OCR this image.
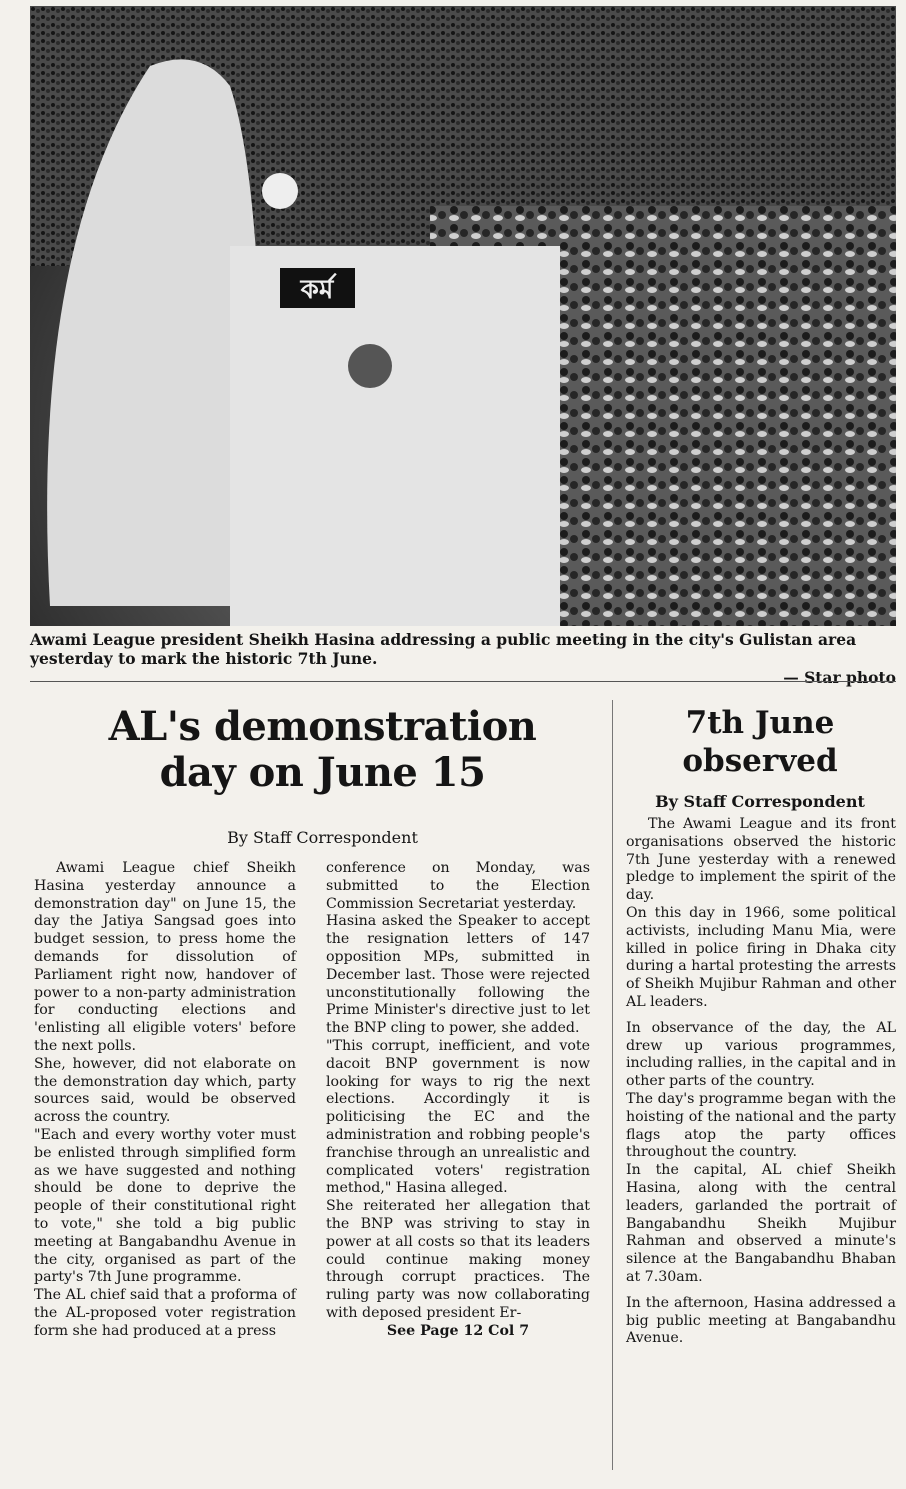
কর্ম
Awami League president Sheikh Hasina addressing a public meeting in the city's Gulistan area yesterday to mark the historic 7th June.
— Star photo
AL's demonstration
day on June 15
By Staff Correspondent

Awami League chief Sheikh Hasina yesterday announce a demonstration day" on June 15, the day the Jatiya Sangsad goes into budget session, to press home the demands for dissolution of Parliament right now, handover of power to a non-party administration for conducting elections and 'enlisting all eligible voters' before the next polls.

She, however, did not elaborate on the demonstration day which, party sources said, would be observed across the country.

"Each and every worthy voter must be enlisted through simplified form as we have suggested and nothing should be done to deprive the people of their constitutional right to vote," she told a big public meeting at Bangabandhu Avenue in the city, organised as part of the party's 7th June programme.

The AL chief said that a proforma of the AL-proposed voter registration form she had produced at a press

conference on Monday, was submitted to the Election Commission Secretariat yesterday.

Hasina asked the Speaker to accept the resignation letters of 147 opposition MPs, submitted in December last. Those were rejected unconstitutionally following the Prime Minister's directive just to let the BNP cling to power, she added.

"This corrupt, inefficient, and vote dacoit BNP government is now looking for ways to rig the next elections. Accordingly it is politicising the EC and the administration and robbing people's franchise through an unrealistic and complicated voters' registration method," Hasina alleged.

She reiterated her allegation that the BNP was striving to stay in power at all costs so that its leaders could continue making money through corrupt practices. The ruling party was now collaborating with deposed president Er-

See Page 12 Col 7

7th June
observed
By Staff Correspondent

The Awami League and its front organisations observed the historic 7th June yesterday with a renewed pledge to implement the spirit of the day.

On this day in 1966, some political activists, including Manu Mia, were killed in police firing in Dhaka city during a hartal protesting the arrests of Sheikh Mujibur Rahman and other AL leaders.

In observance of the day, the AL drew up various programmes, including rallies, in the capital and in other parts of the country.

The day's programme began with the hoisting of the national and the party flags atop the party offices throughout the country.

In the capital, AL chief Sheikh Hasina, along with the central leaders, garlanded the portrait of Bangabandhu Sheikh Mujibur Rahman and observed a minute's silence at the Bangabandhu Bhaban at 7.30am.

In the afternoon, Hasina addressed a big public meeting at Bangabandhu Avenue.
